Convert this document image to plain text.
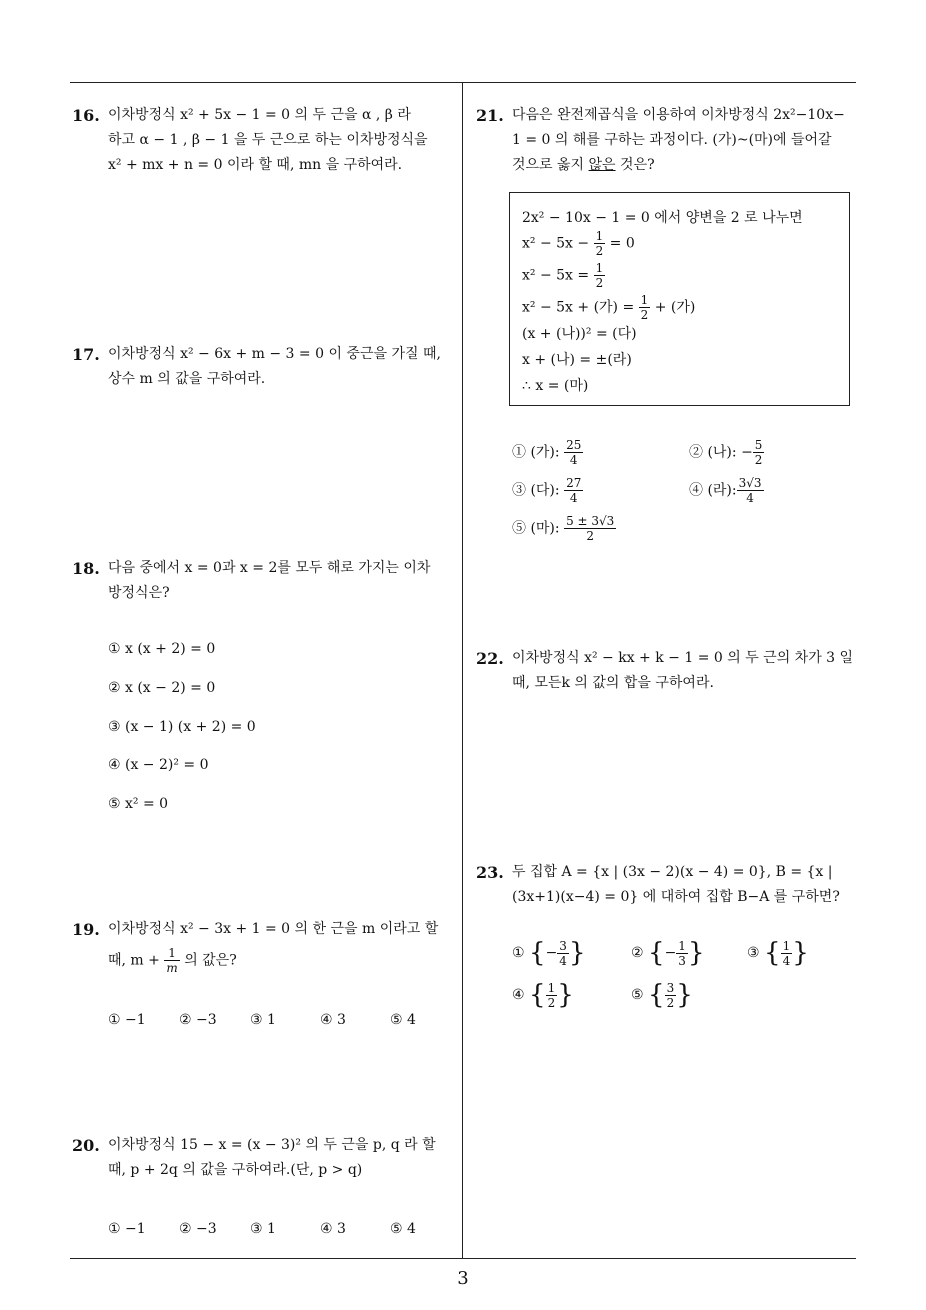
16. 이차방정식 x² + 5x − 1 = 0 의 두 근을 α , β 라
하고 α − 1 , β − 1 을 두 근으로 하는 이차방정식을
x² + mx + n = 0 이라 할 때, mn 을 구하여라.
17. 이차방정식 x² − 6x + m − 3 = 0 이 중근을 가질 때,
상수 m 의 값을 구하여라.
18. 다음 중에서 x = 0과 x = 2를 모두 해로 가지는 이차
방정식은?
① x (x + 2) = 0
② x (x − 2) = 0
③ (x − 1) (x + 2) = 0
④ (x − 2)² = 0
⑤ x² = 0
19. 이차방정식 x² − 3x + 1 = 0 의 한 근을 m 이라고 할
때, $m + \frac{1}{m}$ 의 값은?
① −1 ② −3 ③ 1	④ 3	⑤ 4
20. 이차방정식 15 − x = (x − 3)² 의 두 근을 p, q 라 할
때, p + 2q 의 값을 구하여라.(단, p > q)
① −1 ② −3 ③ 1	④ 3	⑤ 4
21. 다음은 완전제곱식을 이용하여 이차방정식 2x²−10x−
1 = 0 의 해를 구하는 과정이다. (가)~(마)에 들어갈
것으로 옳지 않은 것은?
2x² − 10x − 1 = 0 에서 양변을 2 로 나누면
$x^2 - 5x - \frac{1}{2} = 0$
$x^2 - 5x = \frac{1}{2}$
x² − 5x + (가) = $\frac{1}{2}$ + (가)
(x + (나))² = (다)
x + (나) = ±(라)
∴ x = (마)
① (가): $\frac{25}{4}$	② (나): − $\frac{5}{2}$
③ (다): $\frac{27}{4}$	④ (라): $\frac{3√3}{4}$
⑤ (마): $\frac{5 \pm 3√3}{2}$
22. 이차방정식 x² − kx + k − 1 = 0 의 두 근의 차가 3 일
때, 모든k 의 값의 합을 구하여라.
23. 두 집합 A = {x | (3x − 2)(x − 4) = 0}, B = {x |
(3x+1)(x−4) = 0} 에 대하여 집합 B−A 를 구하면?
① {− $\frac{3}{4}$ }	② {− $\frac{1}{3}$ }	③ { $\frac{1}{4}$ }
④ { $\frac{1}{2}$ }	⑤ { $\frac{3}{2}$ }
3
